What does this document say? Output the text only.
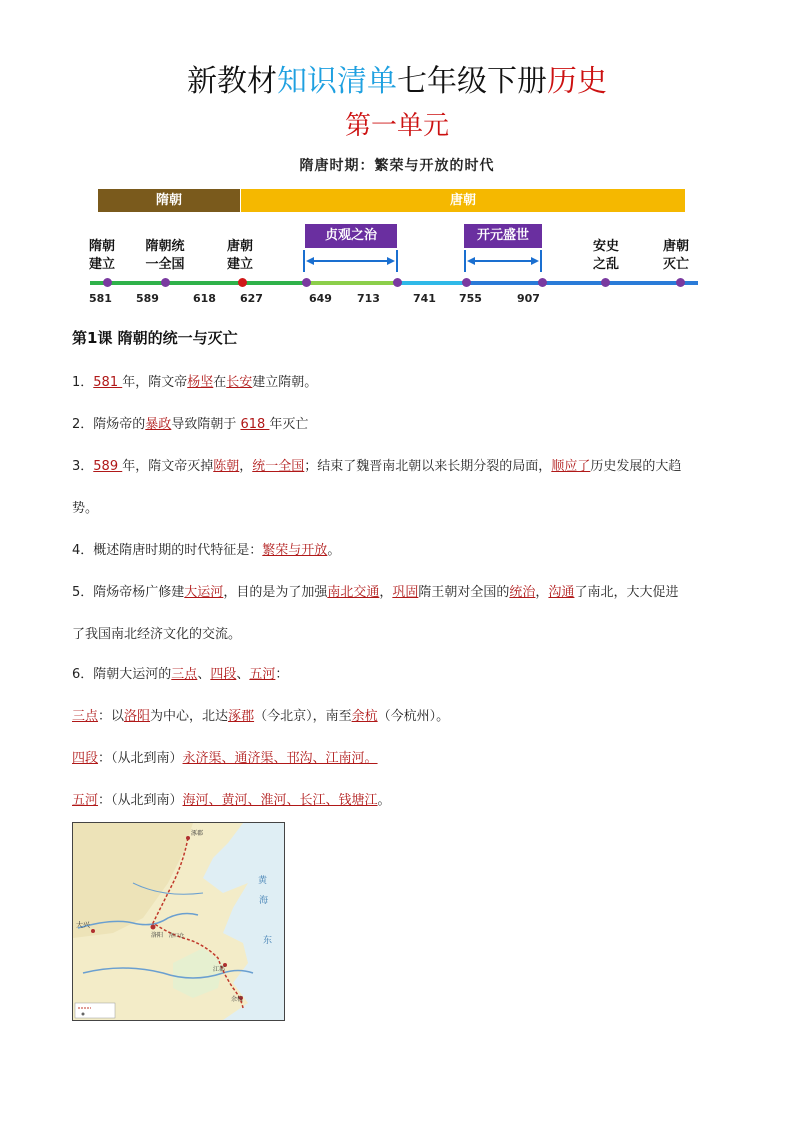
新教材知识清单七年级下册历史
第一单元
隋唐时期：繁荣与开放的时代
隋朝	唐朝
贞观之治	开元盛世
隋朝
建立
隋朝统
一全国
唐朝
建立
安史
之乱
唐朝
灭亡
581 589	618 627	649 713	741 755	907
第1课 隋朝的统一与灭亡
1．581 年，隋文帝杨坚在长安建立隋朝。
2．隋炀帝的暴政导致隋朝于 618 年灭亡
3．589 年，隋文帝灭掉陈朝，统一全国；结束了魏晋南北朝以来长期分裂的局面，顺应了历史发展的大趋
势。
4．概述隋唐时期的时代特征是：繁荣与开放。
5．隋炀帝杨广修建大运河，目的是为了加强南北交通，巩固隋王朝对全国的统治，沟通了南北，大大促进
了我国南北经济文化的交流。
6．隋朝大运河的三点、四段、五河：
三点：以洛阳为中心，北达涿郡（今北京），南至余杭（今杭州）。
四段：（从北到南）永济渠、通济渠、邗沟、江南河。
五河：（从北到南）海河、黄河、淮河、长江、钱塘江。
涿郡
大兴
洛阳 洛口仓
江都
余杭
黄
海
东
